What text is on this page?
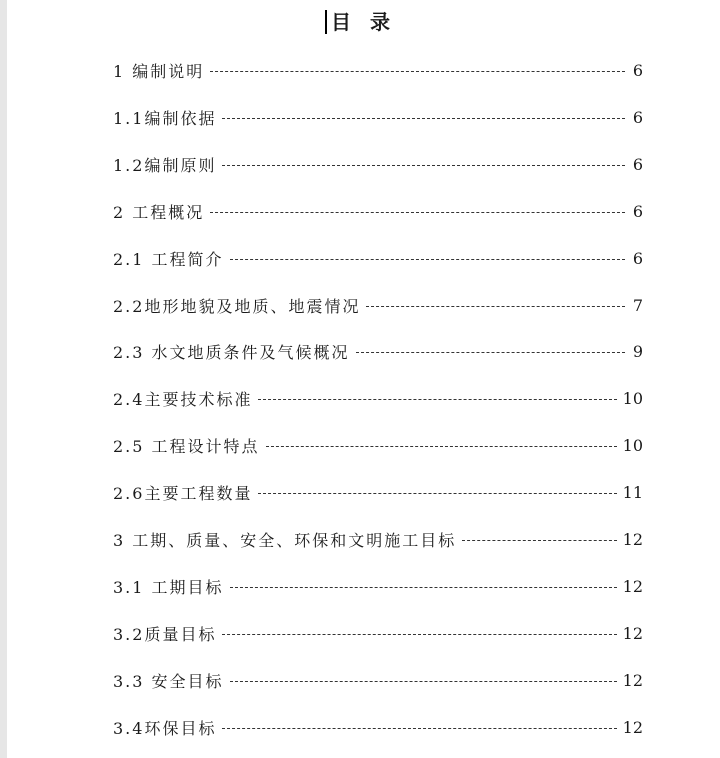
目 录
1 编制说明	6
1.1编制依据	6
1.2编制原则	6
2 工程概况	6
2.1 工程简介	6
2.2地形地貌及地质、地震情况	7
2.3 水文地质条件及气候概况	9
2.4主要技术标准	10
2.5 工程设计特点	10
2.6主要工程数量	11
3 工期、质量、安全、环保和文明施工目标	12
3.1 工期目标	12
3.2质量目标	12
3.3 安全目标	12
3.4环保目标	12
